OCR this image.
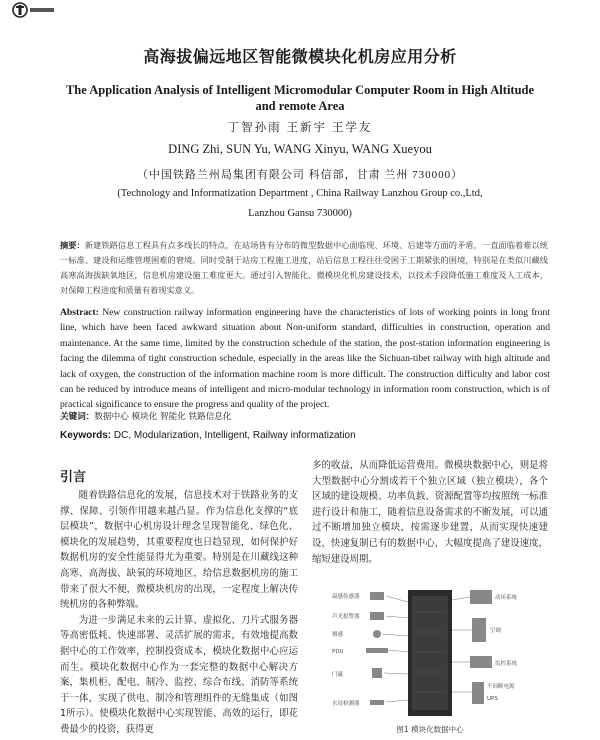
高海拔偏远地区智能微模块化机房应用分析
The Application Analysis of Intelligent Micromodular Computer Room in High Altitude and remote Area
丁智孙雨 王新宇 王学友
DING Zhi, SUN Yu, WANG Xinyu, WANG Xueyou
（中国铁路兰州局集团有限公司 科信部，甘肃 兰州 730000）
(Technology and Informatization Department , China Railway Lanzhou Group co.,Ltd,
Lanzhou Gansu 730000)
摘要：新建铁路信息工程具有点多线长的特点，在站场皆有分布的微型数据中心面临现、环境、后建等方面的矛盾，一直面临着难以统一标准、建设和运维管理困难的窘境。同时受制于站房工程施工进度，站后信息工程往往受困于工期紧张的困境，特别是在类似川藏线高寒高海拔缺氧地区，信息机房建设施工难度更大。通过引入智能化、微模块化机房建设技术，以技术手段降低施工难度及人工成本，对保障工程进度和质量有着现实意义。
Abstract: New construction railway information engineering have the characteristics of lots of working points in long front line, which have been faced awkward situation about Non-uniform standard, difficulties in construction, operation and maintenance. At the same time, limited by the construction schedule of the station, the post-station information engineering is facing the dilemma of tight construction schedule, especially in the areas like the Sichuan-tibet railway with high altitude and lack of oxygen, the construction of the information machine room is more difficult. The construction difficulty and labor cost can be reduced by introduce means of intelligent and micro-modular technology in information room construction, which is of practical significance to ensure the progress and quality of the project.
关键词：数据中心 模块化 智能化 铁路信息化
Keywords: DC, Modularization, Intelligent, Railway informatization
引言

随着铁路信息化的发展，信息技术对于铁路业务的支撑、保障、引领作用越来越凸显。作为信息化支撑的“底层模块”，数据中心机房设计理念呈现智能化、绿色化、模块化的发展趋势，其重要程度也日趋显现，如何保护好数据机房的安全性能显得尤为重要。特别是在川藏线这种高寒、高海拔、缺氧的环境地区，给信息数据机房的施工带来了很大不便，微模块机房的出现，一定程度上解决传统机房的各种弊端。

为进一步满足未来的云计算、虚拟化、刀片式服务器等高密低耗、快速部署、灵活扩展的需求，有效地提高数据中心的工作效率，控制投资成本，模块化数据中心应运而生。模块化数据中心作为一套完整的数据中心解决方案，集机柜、配电、制冷、监控、综合布线、消防等系统于一体，实现了供电、制冷和管理组件的无缝集成（如图1所示）。使模块化数据中心实现智能、高效的运行，即花费最少的投资，获得更

多的收益，从而降低运营费用。微模块数据中心，则是将大型数据中心分割成若干个独立区域（独立模块），各个区域的建设规模、功率负载、资源配置等均按照统一标准进行设计和施工，随着信息设备需求的不断发展，可以通过不断增加独立模块，按需逐步建置，从而实现快速建设，快速复制已有的数据中心，大幅度提高了建设速度，缩短建设周期。

温感传感器
声光报警器
烟感
PDU
门磁
水浸检测器
动环系统
空调
监控系统
不间断电源
UPS
图1 模块化数据中心
